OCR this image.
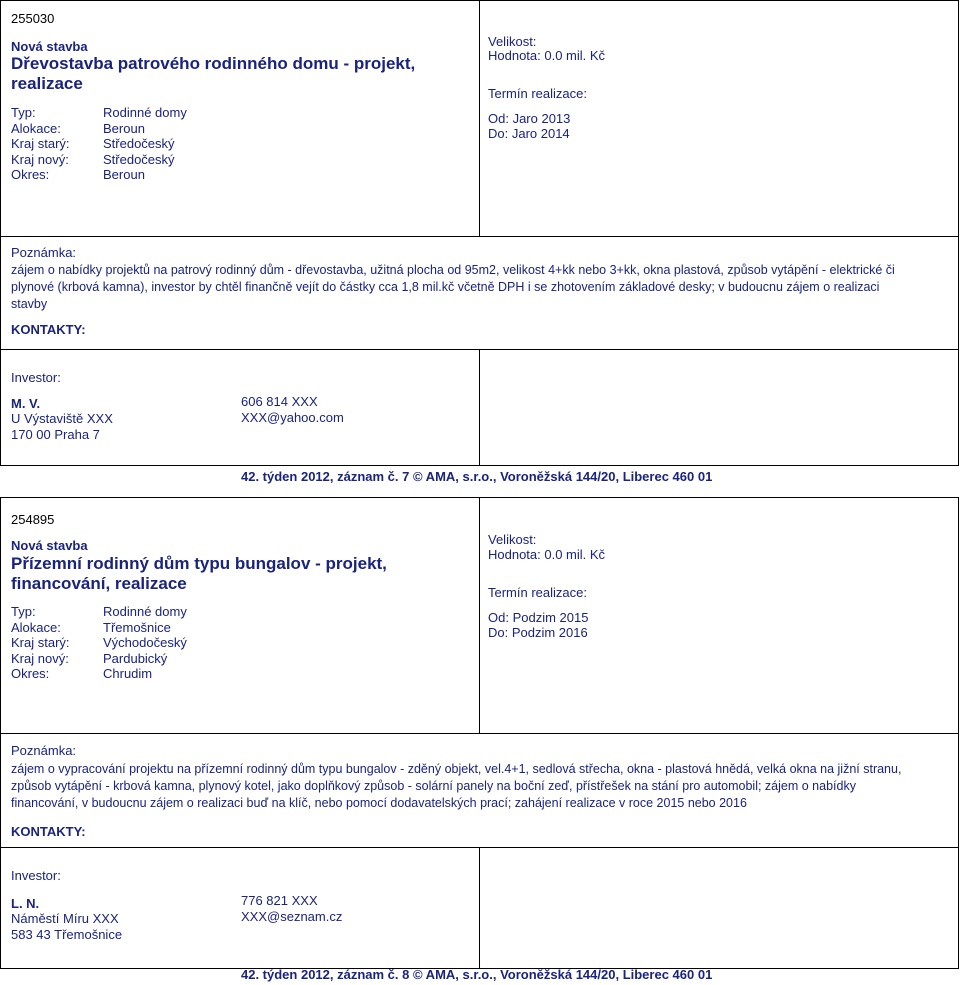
255030
Nová stavba
Dřevostavba patrového rodinného domu - projekt,
realizace
Typ:
Alokace:
Kraj starý:
Kraj nový:
Okres:
Rodinné domy
Beroun
Středočeský
Středočeský
Beroun
Velikost:
Hodnota: 0.0 mil. Kč
Termín realizace:
Od: Jaro 2013
Do: Jaro 2014
Poznámka:
zájem o nabídky projektů na patrový rodinný dům - dřevostavba, užitná plocha od 95m2, velikost 4+kk nebo 3+kk, okna plastová, způsob vytápění - elektrické či
plynové (krbová kamna), investor by chtěl finančně vejít do částky cca 1,8 mil.kč včetně DPH i se zhotovením základové desky; v budoucnu zájem o realizaci
stavby
KONTAKTY:
Investor:
M. V.
U Výstaviště XXX
170 00 Praha 7
606 814 XXX
XXX@yahoo.com
42. týden 2012, záznam č. 7 © AMA, s.r.o., Voroněžská 144/20, Liberec 460 01
254895
Nová stavba
Přízemní rodinný dům typu bungalov - projekt,
financování, realizace
Typ:
Alokace:
Kraj starý:
Kraj nový:
Okres:
Rodinné domy
Třemošnice
Východočeský
Pardubický
Chrudim
Velikost:
Hodnota: 0.0 mil. Kč
Termín realizace:
Od: Podzim 2015
Do: Podzim 2016
Poznámka:
zájem o vypracování projektu na přízemní rodinný dům typu bungalov - zděný objekt, vel.4+1, sedlová střecha, okna - plastová hnědá, velká okna na jižní stranu,
způsob vytápění - krbová kamna, plynový kotel, jako doplňkový způsob - solární panely na boční zeď, přístřešek na stání pro automobil; zájem o nabídky
financování, v budoucnu zájem o realizaci buď na klíč, nebo pomocí dodavatelských prací; zahájení realizace v roce 2015 nebo 2016
KONTAKTY:
Investor:
L. N.
Náměstí Míru XXX
583 43 Třemošnice
776 821 XXX
XXX@seznam.cz
42. týden 2012, záznam č. 8 © AMA, s.r.o., Voroněžská 144/20, Liberec 460 01
